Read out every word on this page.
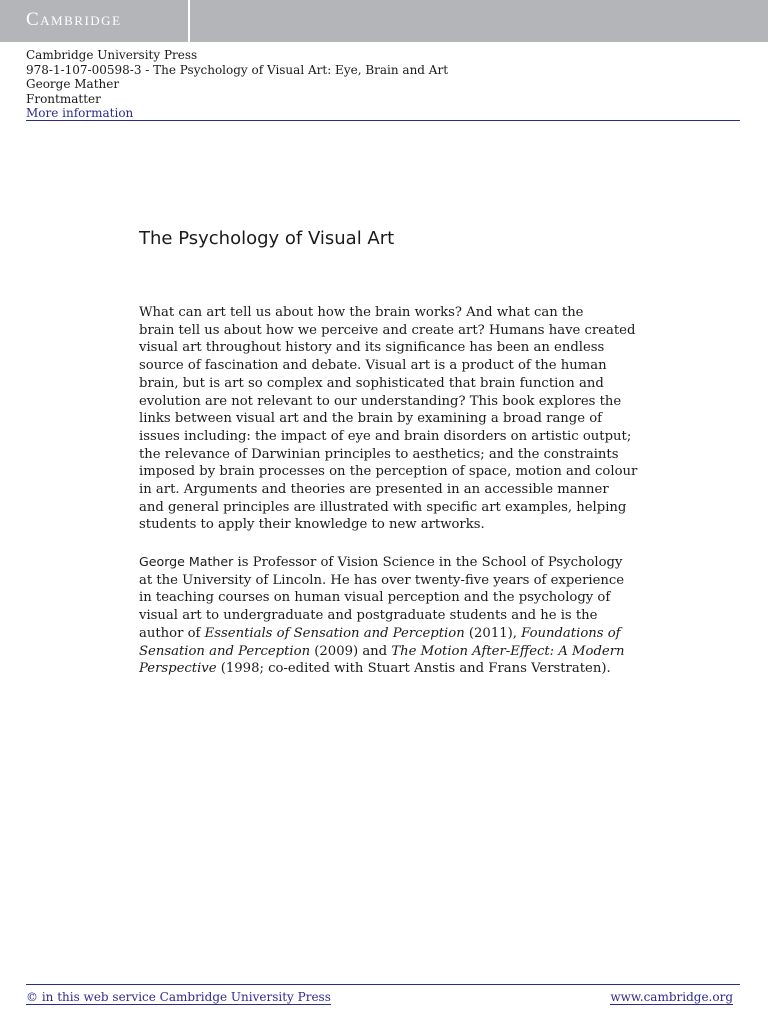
Cambridge
Cambridge University Press
978-1-107-00598-3 - The Psychology of Visual Art: Eye, Brain and Art
George Mather
Frontmatter
More information
The Psychology of Visual Art
What can art tell us about how the brain works? And what can the
brain tell us about how we perceive and create art? Humans have created
visual art throughout history and its significance has been an endless
source of fascination and debate. Visual art is a product of the human
brain, but is art so complex and sophisticated that brain function and
evolution are not relevant to our understanding? This book explores the
links between visual art and the brain by examining a broad range of
issues including: the impact of eye and brain disorders on artistic output;
the relevance of Darwinian principles to aesthetics; and the constraints
imposed by brain processes on the perception of space, motion and colour
in art. Arguments and theories are presented in an accessible manner
and general principles are illustrated with specific art examples, helping
students to apply their knowledge to new artworks.
George Mather is Professor of Vision Science in the School of Psychology
at the University of Lincoln. He has over twenty-five years of experience
in teaching courses on human visual perception and the psychology of
visual art to undergraduate and postgraduate students and he is the
author of Essentials of Sensation and Perception (2011), Foundations of
Sensation and Perception (2009) and The Motion After-Effect: A Modern
Perspective (1998; co-edited with Stuart Anstis and Frans Verstraten).
© in this web service Cambridge University Press	www.cambridge.org
